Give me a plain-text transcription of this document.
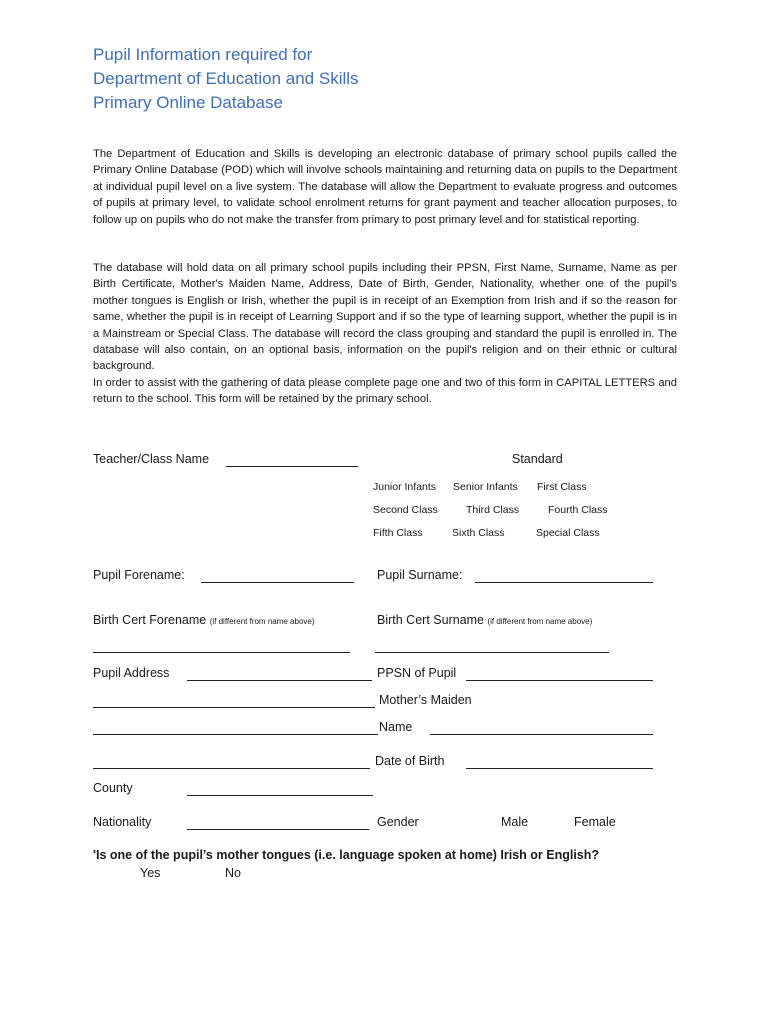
Pupil Information required for
Department of Education and Skills
Primary Online Database

The Department of Education and Skills is developing an electronic database of primary school pupils called the Primary Online Database (POD) which will involve schools maintaining and returning data on pupils to the Department at individual pupil level on a live system. The database will allow the Department to evaluate progress and outcomes of pupils at primary level, to validate school enrolment returns for grant payment and teacher allocation purposes, to follow up on pupils who do not make the transfer from primary to post primary level and for statistical reporting.

The database will hold data on all primary school pupils including their PPSN, First Name, Surname, Name as per Birth Certificate, Mother's Maiden Name, Address, Date of Birth, Gender, Nationality, whether one of the pupil's mother tongues is English or Irish, whether the pupil is in receipt of an Exemption from Irish and if so the reason for same, whether the pupil is in receipt of Learning Support and if so the type of learning support, whether the pupil is in a Mainstream or Special Class. The database will record the class grouping and standard the pupil is enrolled in. The database will also contain, on an optional basis, information on the pupil's religion and on their ethnic or cultural background.

In order to assist with the gathering of data please complete page one and two of this form in CAPITAL LETTERS and return to the school. This form will be retained by the primary school.

Teacher/Class Name	Standard
Junior Infants Senior Infants First Class
Second Class	Third Class	Fourth Class
Fifth Class	Sixth Class	Special Class
Pupil Forename:	Pupil Surname:
Birth Cert Forename (if different from name above)	Birth Cert Surname (if different from name above)
Pupil Address	PPSN of Pupil
Mother’s Maiden
Name
Date of Birth
County
Nationality	Gender	Male	Female
'Is one of the pupil’s mother tongues (i.e. language spoken at home) Irish or English?
Yes	No
